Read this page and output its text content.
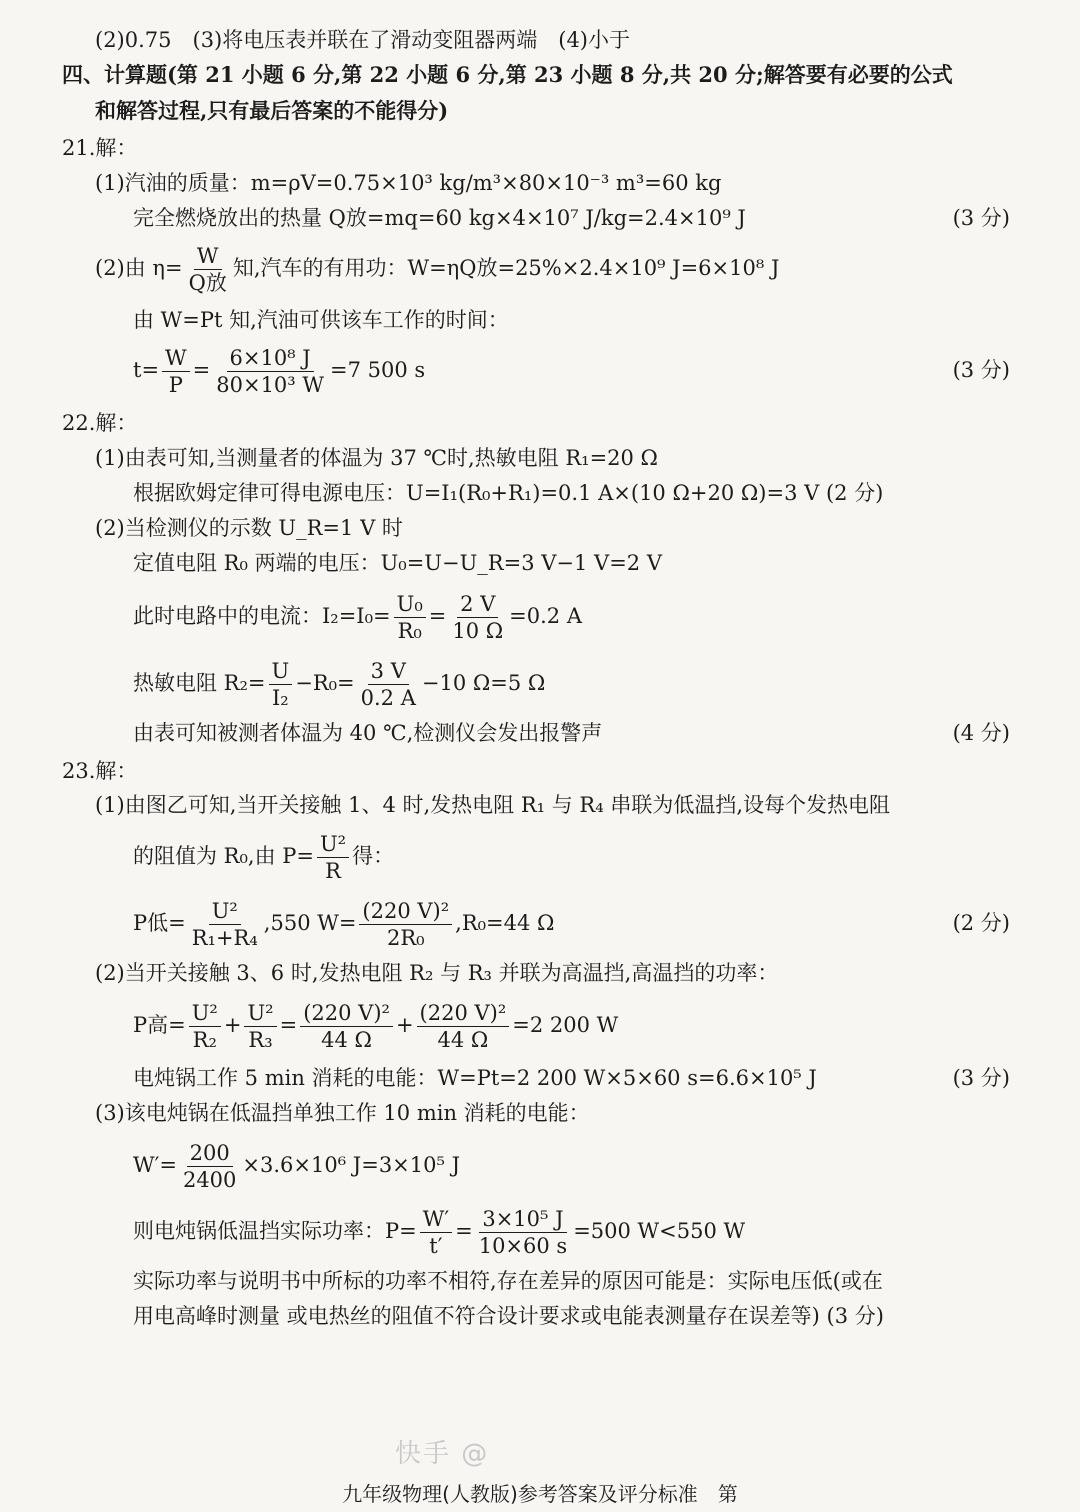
(2)0.75　(3)将电压表并联在了滑动变阻器两端　(4)小于
四、计算题(第 21 小题 6 分,第 22 小题 6 分,第 23 小题 8 分,共 20 分;解答要有必要的公式
和解答过程,只有最后答案的不能得分)
21.解：
(1)汽油的质量：m=ρV=0.75×10³ kg/m³×80×10⁻³ m³=60 kg
完全燃烧放出的热量 Q放=mq=60 kg×4×10⁷ J/kg=2.4×10⁹ J	(3 分)
(2)由 $\eta= \frac{W}{\text{Q放}}$ 知,汽车的有用功：W=ηQ放=25%×2.4×10⁹ J=6×10⁸ J
由 W=Pt 知,汽油可供该车工作的时间：
$t= \frac{W}{P} = \frac{\text{6×10⁸ J}}{\text{80×10³ W}} =7$ 500 s	(3 分)
22.解：
(1)由表可知,当测量者的体温为 37 ℃时,热敏电阻 R₁=20 Ω
根据欧姆定律可得电源电压：U=I₁(R₀+R₁)=0.1 A×(10 Ω+20 Ω)=3 V (2 分)
(2)当检测仪的示数 U_R=1 V 时
定值电阻 R₀ 两端的电压：U₀=U−U_R=3 V−1 V=2 V
此时电路中的电流：$I_2=I_0= \frac{\text{U₀}}{\text{R₀}} = \frac{2 V}{10 \Omega} =0.2$ A
热敏电阻 $R_2= \frac{U}{\text{I₂}} -R_0= \frac{3 V}{0.2 A} -10$ Ω=5 Ω
由表可知被测者体温为 40 ℃,检测仪会发出报警声	(4 分)
23.解：
(1)由图乙可知,当开关接触 1、4 时,发热电阻 R₁ 与 R₄ 串联为低温挡,设每个发热电阻
的阻值为 R₀,由 $P= \frac{\text{U²}}{R}$ 得：
P低= $\frac{\text{U²}}{\text{R₁+R₄}} ,550$ $W= \frac{\text{(220 V)²}}{\text{2R₀}} ,R_0=44$ Ω	(2 分)
(2)当开关接触 3、6 时,发热电阻 R₂ 与 R₃ 并联为高温挡,高温挡的功率：
P高= $\frac{\text{U²}}{\text{R₂}} + \frac{\text{U²}}{\text{R₃}} = \frac{\text{(220 V)²}}{44 \Omega} + \frac{\text{(220 V)²}}{44 \Omega} =2$ 200 W
电炖锅工作 5 min 消耗的电能：W=Pt=2 200 W×5×60 s=6.6×10⁵ J	(3 分)
(3)该电炖锅在低温挡单独工作 10 min 消耗的电能：
$W'= \frac{200}{2400} \times 3.6\times 10^6$ J=3×10⁵ J
则电炖锅低温挡实际功率：$P= \frac{W'}{t'} = \frac{\text{3×10⁵ J}}{10\times 60 s} =500$ W<550 W
实际功率与说明书中所标的功率不相符,存在差异的原因可能是：实际电压低(或在
用电高峰时测量 或电热丝的阻值不符合设计要求或电能表测量存在误差等) (3 分)
快手 @
九年级物理(人教版)参考答案及评分标准　第
